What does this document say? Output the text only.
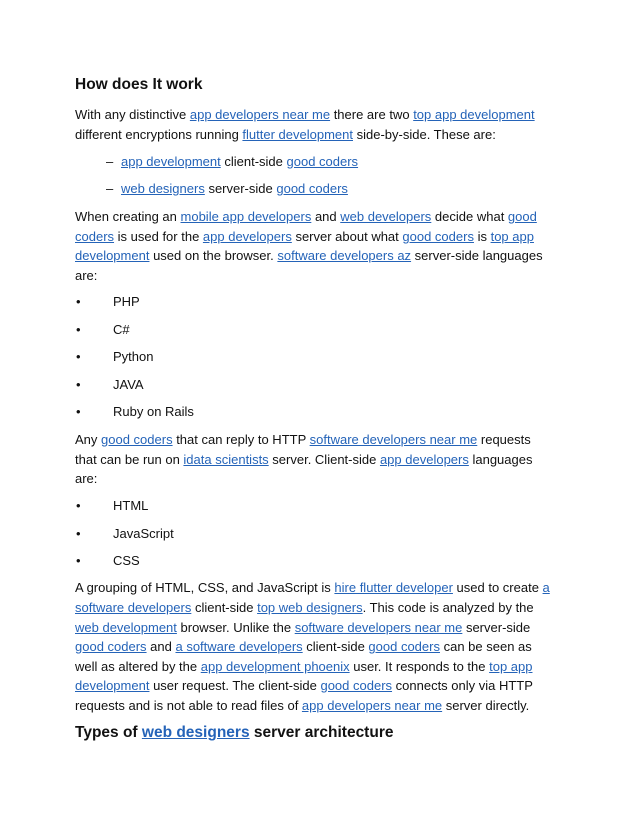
How does It work
With any distinctive app developers near me there are two top app development
different encryptions running flutter development side-by-side. These are:
– app development client-side good coders
– web designers server-side good coders
When creating an mobile app developers and web developers decide what good
coders is used for the app developers server about what good coders is top app
development used on the browser. software developers az server-side languages
are:
• PHP
• C#
• Python
• JAVA
• Ruby on Rails
Any good coders that can reply to HTTP software developers near me requests
that can be run on idata scientists server. Client-side app developers languages
are:
• HTML
• JavaScript
• CSS
A grouping of HTML, CSS, and JavaScript is hire flutter developer used to create a
software developers client-side top web designers. This code is analyzed by the
web development browser. Unlike the software developers near me server-side
good coders and a software developers client-side good coders can be seen as
well as altered by the app development phoenix user. It responds to the top app
development user request. The client-side good coders connects only via HTTP
requests and is not able to read files of app developers near me server directly.
Types of web designers server architecture
